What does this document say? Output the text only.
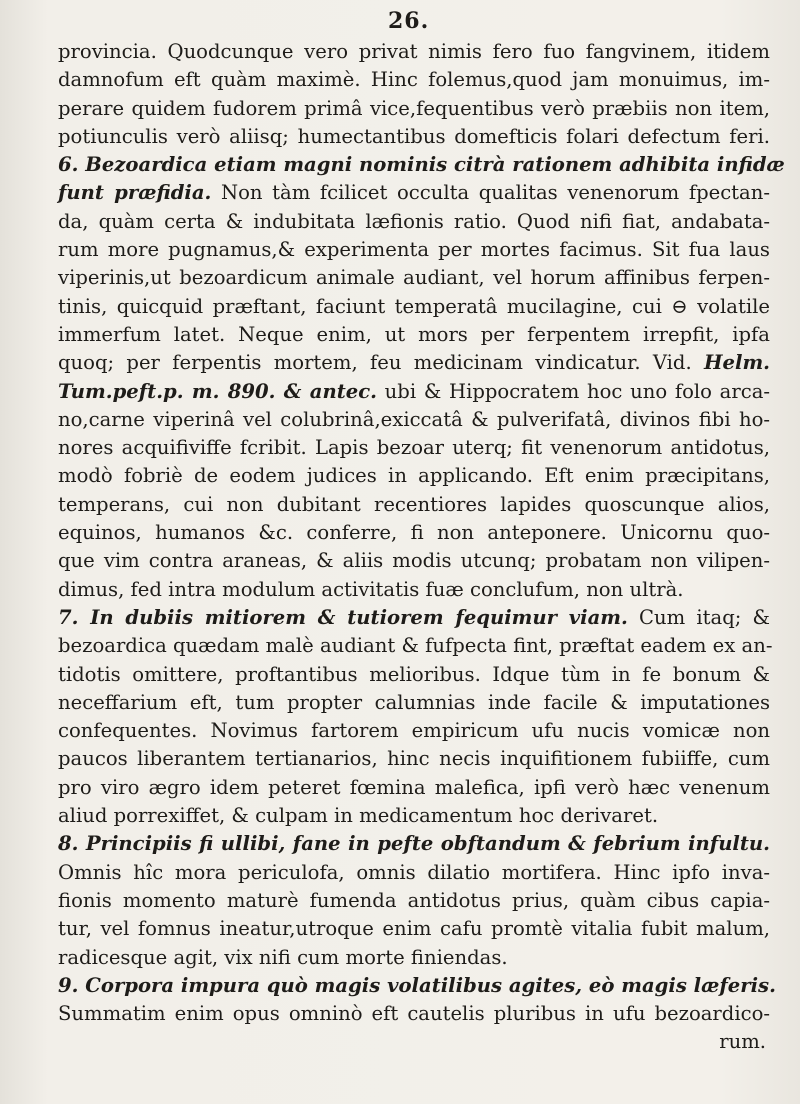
26.
provincia. Quodcunque vero privat nimis fero fuo fangvinem, itidem
damnofum eft quàm maximè. Hinc folemus,quod jam monuimus, im-
perare quidem fudorem primâ vice,fequentibus verò præbiis non item,
potiunculis verò aliisq; humectantibus domefticis folari defectum feri.
6. Bezoardica etiam magni nominis citrà rationem adhibita infidæ
funt præfidia. Non tàm fcilicet occulta qualitas venenorum fpectan-
da, quàm certa & indubitata læfionis ratio. Quod nifi fiat, andabata-
rum more pugnamus,& experimenta per mortes facimus. Sit fua laus
viperinis,ut bezoardicum animale audiant, vel horum affinibus ferpen-
tinis, quicquid præftant, faciunt temperatâ mucilagine, cui ⊖ volatile
immerfum latet. Neque enim, ut mors per ferpentem irrepfit, ipfa
quoq; per ferpentis mortem, feu medicinam vindicatur. Vid. Helm.
Tum.peft.p. m. 890. & antec. ubi & Hippocratem hoc uno folo arca-
no,carne viperinâ vel colubrinâ,exiccatâ & pulverifatâ, divinos fibi ho-
nores acquifiviffe fcribit. Lapis bezoar uterq; fit venenorum antidotus,
modò fobriè de eodem judices in applicando. Eft enim præcipitans,
temperans, cui non dubitant recentiores lapides quoscunque alios,
equinos, humanos &c. conferre, fi non anteponere. Unicornu quo-
que vim contra araneas, & aliis modis utcunq; probatam non vilipen-
dimus, fed intra modulum activitatis fuæ conclufum, non ultrà.
7. In dubiis mitiorem & tutiorem fequimur viam. Cum itaq; &
bezoardica quædam malè audiant & fufpecta fint, præftat eadem ex an-
tidotis omittere, proftantibus melioribus. Idque tùm in fe bonum &
neceffarium eft, tum propter calumnias inde facile & imputationes
confequentes. Novimus fartorem empiricum ufu nucis vomicæ non
paucos liberantem tertianarios, hinc necis inquifitionem fubiiffe, cum
pro viro ægro idem peteret fœmina malefica, ipfi verò hæc venenum
aliud porrexiffet, & culpam in medicamentum hoc derivaret.
8. Principiis fi ullibi, fane in pefte obftandum & febrium infultu.
Omnis hîc mora periculofa, omnis dilatio mortifera. Hinc ipfo inva-
fionis momento maturè fumenda antidotus prius, quàm cibus capia-
tur, vel fomnus ineatur,utroque enim cafu promtè vitalia fubit malum,
radicesque agit, vix nifi cum morte finiendas.
9. Corpora impura quò magis volatilibus agites, eò magis læferis.
Summatim enim opus omninò eft cautelis pluribus in ufu bezoardico-
rum.
